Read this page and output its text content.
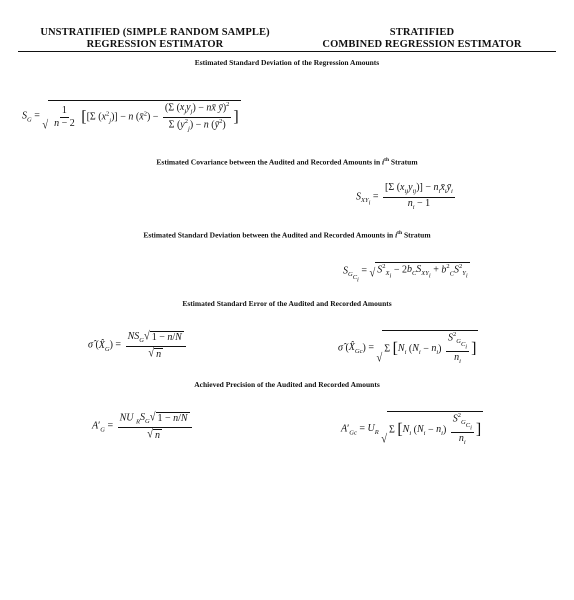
UNSTRATIFIED (SIMPLE RANDOM SAMPLE)
REGRESSION ESTIMATOR
STRATIFIED
COMBINED REGRESSION ESTIMATOR
Estimated Standard Deviation of the Regression Amounts
$S_G$ =
√ $\frac{1}{n - 2} [[\Sigma$ $(x^2_j)] - n$ (x̄$^2$) − $\frac{(\Sigma (x_jy_j) - nx̄ ȳ)^2}{\Sigma (y^2_j) - n (ȳ^2)}$ ]
Estimated Covariance between the Audited and Recorded Amounts in $i^{th}$ Stratum
$S_{XY_i} = \frac{[\Sigma (x_{ij}y_{ij})] - n_ix̄_iȳ_i}{n_i - 1}$
Estimated Standard Deviation between the Audited and Recorded Amounts in $i^{th}$ Stratum
$S_{G_{C_i}}$ = √ $S^2_{X_i} - 2b_CS_{XY_i} + b^2_CS^2_{Y_i}$
Estimated Standard Error of the Audited and Recorded Amounts
σ̂ $(X̂_G) = \frac{NS_G √ 1 - n/N}{√ n}$	σ̂ $(X̂_{Gc})$ =
√
Σ [$N_i$ $(N_i - n_i) \frac{S^2_{G_{C_i}}}{n_i}$ ]
Achieved Precision of the Audited and Recorded Amounts
$A'_G = \frac{NU _RS_G √ 1 - n/N}{√ n}$	$A'_{Gc} = U_R$
√
Σ [$N_i$ $(N_i - n_i) \frac{S^2_{G_{C_i}}}{n_i}$ ]
